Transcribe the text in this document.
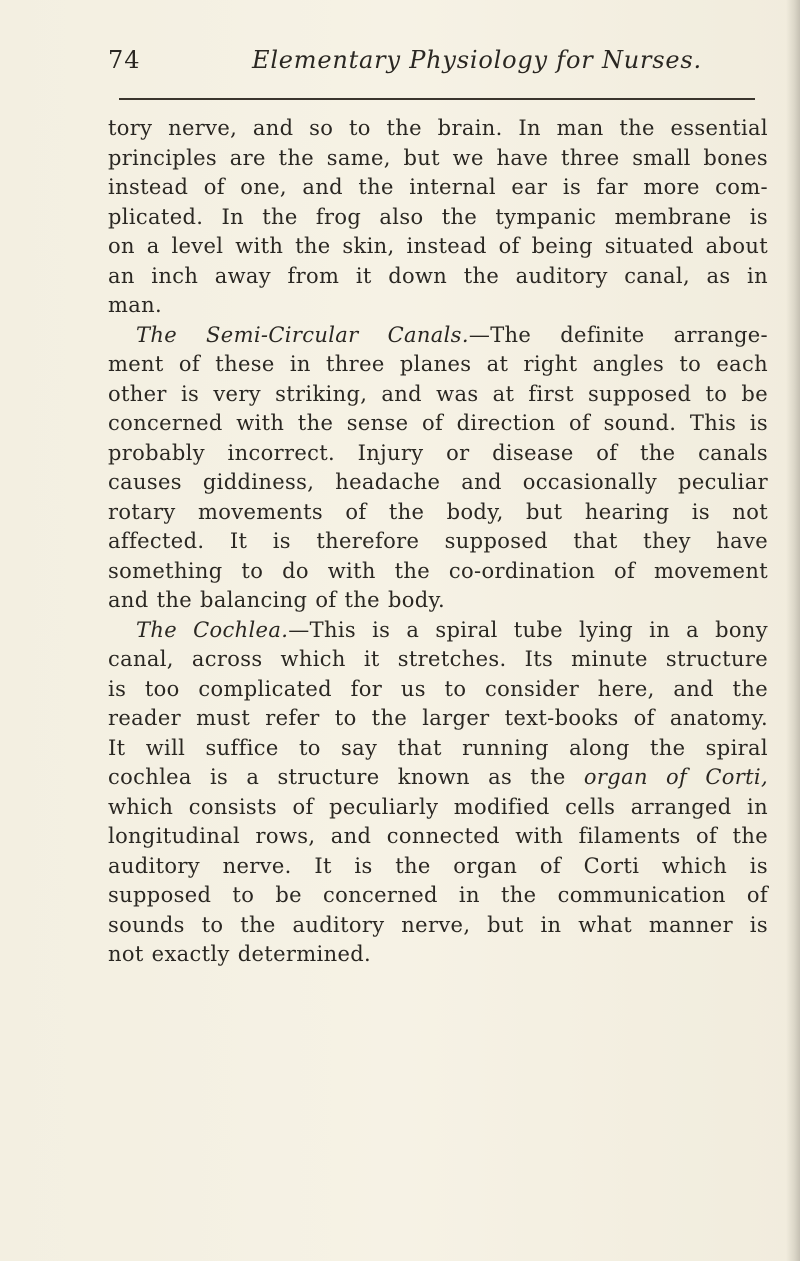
74	Elementary Physiology for Nurses.
tory nerve, and so to the brain. In man the essential
principles are the same, but we have three small bones
instead of one, and the internal ear is far more com-
plicated. In the frog also the tympanic membrane is
on a level with the skin, instead of being situated about
an inch away from it down the auditory canal, as in
man.
The Semi-Circular Canals.—The definite arrange-
ment of these in three planes at right angles to each
other is very striking, and was at first supposed to be
concerned with the sense of direction of sound. This is
probably incorrect. Injury or disease of the canals
causes giddiness, headache and occasionally peculiar
rotary movements of the body, but hearing is not
affected. It is therefore supposed that they have
something to do with the co-ordination of movement
and the balancing of the body.
The Cochlea.—This is a spiral tube lying in a bony
canal, across which it stretches. Its minute structure
is too complicated for us to consider here, and the
reader must refer to the larger text-books of anatomy.
It will suffice to say that running along the spiral
cochlea is a structure known as the organ of Corti,
which consists of peculiarly modified cells arranged in
longitudinal rows, and connected with filaments of the
auditory nerve. It is the organ of Corti which is
supposed to be concerned in the communication of
sounds to the auditory nerve, but in what manner is
not exactly determined.
